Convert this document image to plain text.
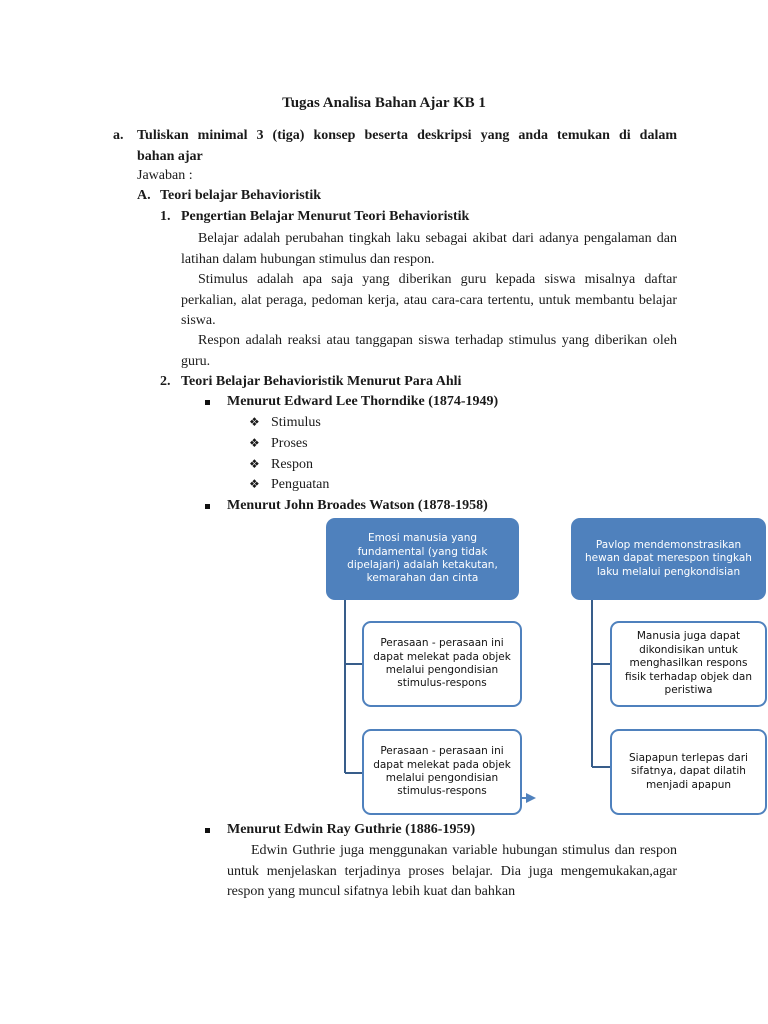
Tugas Analisa Bahan Ajar KB 1
a. Tuliskan minimal 3 (tiga) konsep beserta deskripsi yang anda temukan di dalam
bahan ajar
Jawaban :
A. Teori belajar Behavioristik
1. Pengertian Belajar Menurut Teori Behavioristik
Belajar adalah perubahan tingkah laku sebagai akibat dari adanya pengalaman dan latihan dalam hubungan stimulus dan respon.
Stimulus adalah apa saja yang diberikan guru kepada siswa misalnya daftar perkalian, alat peraga, pedoman kerja, atau cara-cara tertentu, untuk membantu belajar siswa.
Respon adalah reaksi atau tanggapan siswa terhadap stimulus yang diberikan oleh guru.
2. Teori Belajar Behavioristik Menurut Para Ahli
Menurut Edward Lee Thorndike (1874-1949)
❖ Stimulus
❖ Proses
❖ Respon
❖ Penguatan
Menurut John Broades Watson (1878-1958)
Emosi manusia yang fundamental (yang tidak dipelajari) adalah ketakutan, kemarahan dan cinta
Perasaan - perasaan ini dapat melekat pada objek melalui pengondisian stimulus-respons
Perasaan - perasaan ini dapat melekat pada objek melalui pengondisian stimulus-respons
Pavlop mendemonstrasikan hewan dapat merespon tingkah laku melalui pengkondisian
Manusia juga dapat dikondisikan untuk menghasilkan respons fisik terhadap objek dan peristiwa
Siapapun terlepas dari sifatnya, dapat dilatih menjadi apapun
Menurut Edwin Ray Guthrie (1886-1959)
Edwin Guthrie juga menggunakan variable hubungan stimulus dan respon untuk menjelaskan terjadinya proses belajar. Dia juga mengemukakan,agar respon yang muncul sifatnya lebih kuat dan bahkan
